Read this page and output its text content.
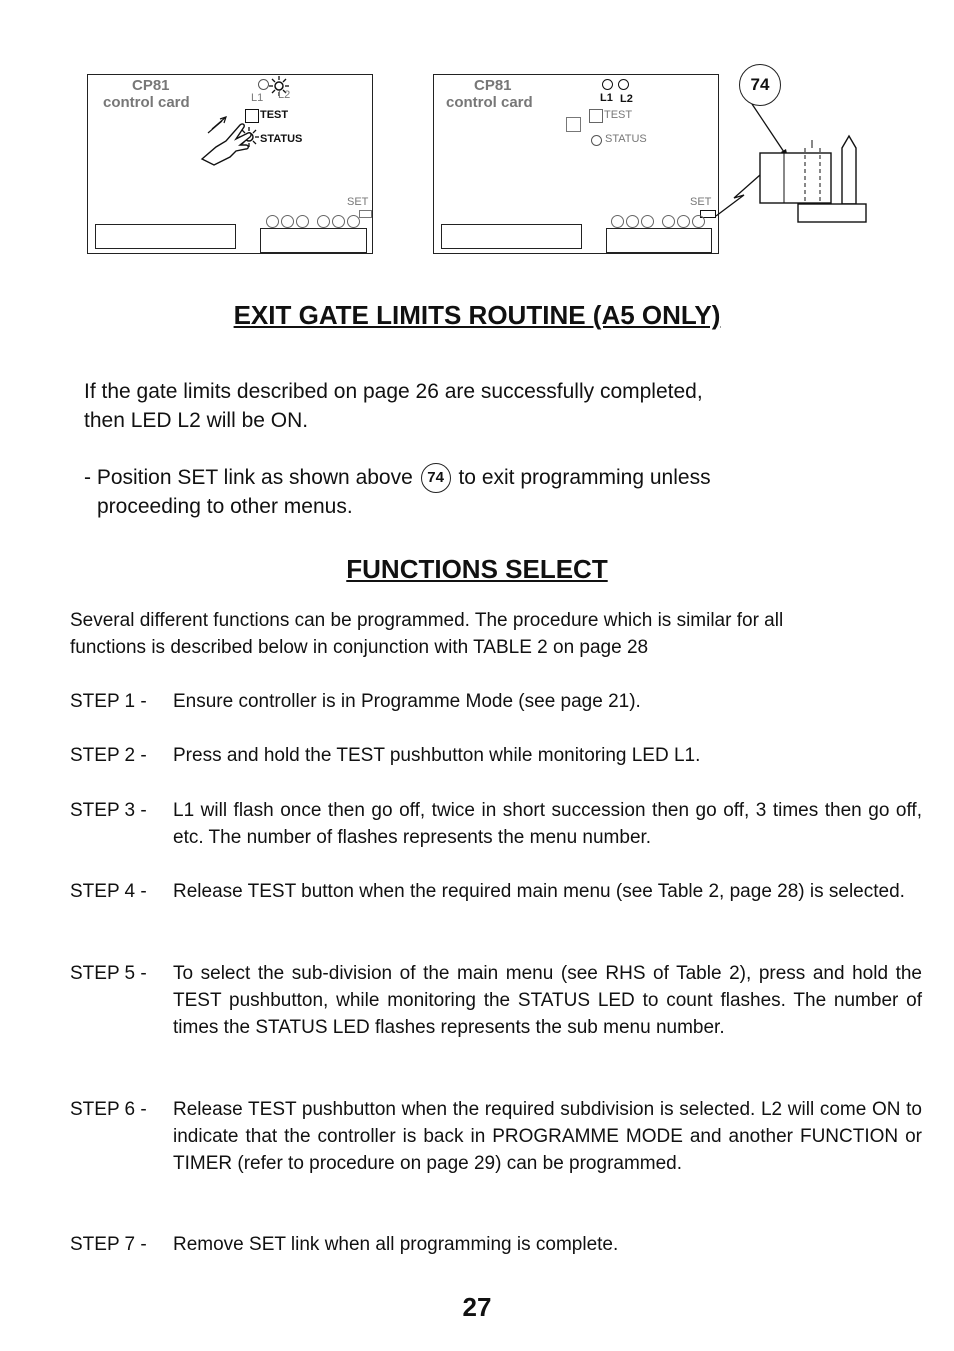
CP81
control card	L1 L2
TEST
STATUS
SET
CP81
control card	L1 L2
TEST
STATUS
SET
74
EXIT GATE LIMITS ROUTINE (A5 ONLY)
If the gate limits described on page 26 are successfully completed,
then LED L2 will be ON.
- Position SET link as shown above 74 to exit programming unless
proceeding to other menus.
FUNCTIONS SELECT
Several different functions can be programmed. The procedure which is similar for all
functions is described below in conjunction with TABLE 2 on page 28
STEP 1 - Ensure controller is in Programme Mode (see page 21).
STEP 2 - Press and hold the TEST pushbutton while monitoring LED L1.
STEP 3 - L1 will flash once then go off, twice in short succession then go off, 3 times then go off, etc. The number of flashes represents the menu number.
STEP 4 - Release TEST button when the required main menu (see Table 2, page 28) is selected.
STEP 5 - To select the sub-division of the main menu (see RHS of Table 2), press and hold the TEST pushbutton, while monitoring the STATUS LED to count flashes. The number of times the STATUS LED flashes represents the sub menu number.
STEP 6 - Release TEST pushbutton when the required subdivision is selected. L2 will come ON to indicate that the controller is back in PROGRAMME MODE and another FUNCTION or TIMER (refer to procedure on page 29) can be programmed.
STEP 7 - Remove SET link when all programming is complete.
27
